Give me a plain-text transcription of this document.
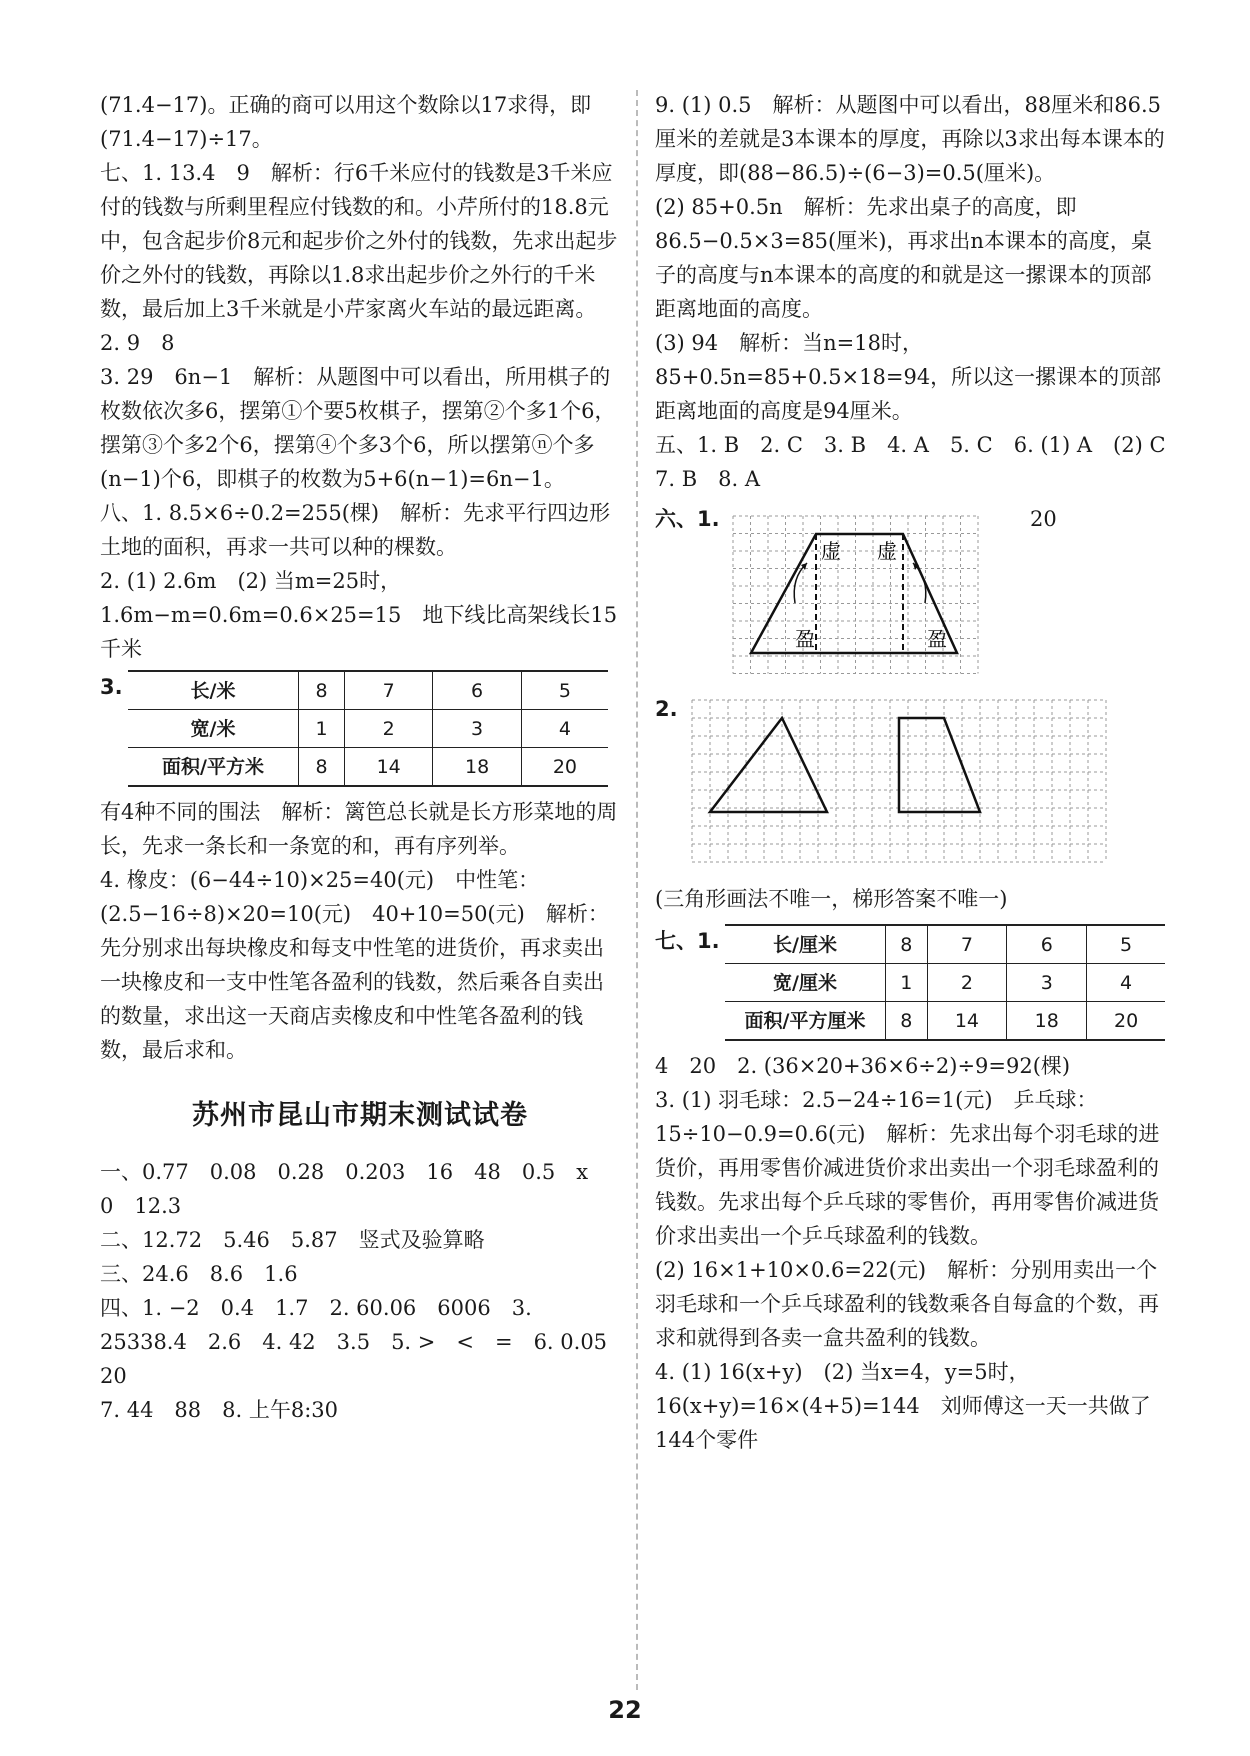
(71.4−17)。正确的商可以用这个数除以17求得，即(71.4−17)÷17。
七、1. 13.4　9　解析：行6千米应付的钱数是3千米应付的钱数与所剩里程应付钱数的和。小芹所付的18.8元中，包含起步价8元和起步价之外付的钱数，先求出起步价之外付的钱数，再除以1.8求出起步价之外行的千米数，最后加上3千米就是小芹家离火车站的最远距离。
2. 9　8
3. 29　6n−1　解析：从题图中可以看出，所用棋子的枚数依次多6，摆第①个要5枚棋子，摆第②个多1个6，摆第③个多2个6，摆第④个多3个6，所以摆第ⓝ个多(n−1)个6，即棋子的枚数为5+6(n−1)=6n−1。
八、1. 8.5×6÷0.2=255(棵)　解析：先求平行四边形土地的面积，再求一共可以种的棵数。
2. (1) 2.6m　(2) 当m=25时，1.6m−m=0.6m=0.6×25=15　地下线比高架线长15千米
3.	长/米	8	7	6	5
宽/米	1	2	3	4
面积/平方米	8	14	18	20
有4种不同的围法　解析：篱笆总长就是长方形菜地的周长，先求一条长和一条宽的和，再有序列举。
4. 橡皮：(6−44÷10)×25=40(元)　中性笔：(2.5−16÷8)×20=10(元)　40+10=50(元)　解析：先分别求出每块橡皮和每支中性笔的进货价，再求卖出一块橡皮和一支中性笔各盈利的钱数，然后乘各自卖出的数量，求出这一天商店卖橡皮和中性笔各盈利的钱数，最后求和。
苏州市昆山市期末测试试卷
一、0.77　0.08　0.28　0.203　16　48　0.5　x　0　12.3
二、12.72　5.46　5.87　竖式及验算略
三、24.6　8.6　1.6
四、1. −2　0.4　1.7　2. 60.06　6006　3. 25338.4　2.6　4. 42　3.5　5. >　<　=　6. 0.05　20
7. 44　88　8. 上午8:30
9. (1) 0.5　解析：从题图中可以看出，88厘米和86.5厘米的差就是3本课本的厚度，再除以3求出每本课本的厚度，即(88−86.5)÷(6−3)=0.5(厘米)。
(2) 85+0.5n　解析：先求出桌子的高度，即86.5−0.5×3=85(厘米)，再求出n本课本的高度，桌子的高度与n本课本的高度的和就是这一摞课本的顶部距离地面的高度。
(3) 94　解析：当n=18时，85+0.5n=85+0.5×18=94，所以这一摞课本的顶部距离地面的高度是94厘米。
五、1. B　2. C　3. B　4. A　5. C　6. (1) A　(2) C　7. B　8. A
六、1.	20
虚 虚
盈	盈
2.
(三角形画法不唯一，梯形答案不唯一)
七、1.	长/厘米	8	7	6	5
宽/厘米	1	2	3	4
面积/平方厘米	8	14	18	20
4　20　2. (36×20+36×6÷2)÷9=92(棵)
3. (1) 羽毛球：2.5−24÷16=1(元)　乒乓球：15÷10−0.9=0.6(元)　解析：先求出每个羽毛球的进货价，再用零售价减进货价求出卖出一个羽毛球盈利的钱数。先求出每个乒乓球的零售价，再用零售价减进货价求出卖出一个乒乓球盈利的钱数。
(2) 16×1+10×0.6=22(元)　解析：分别用卖出一个羽毛球和一个乒乓球盈利的钱数乘各自每盒的个数，再求和就得到各卖一盒共盈利的钱数。
4. (1) 16(x+y)　(2) 当x=4，y=5时，16(x+y)=16×(4+5)=144　刘师傅这一天一共做了144个零件
22
